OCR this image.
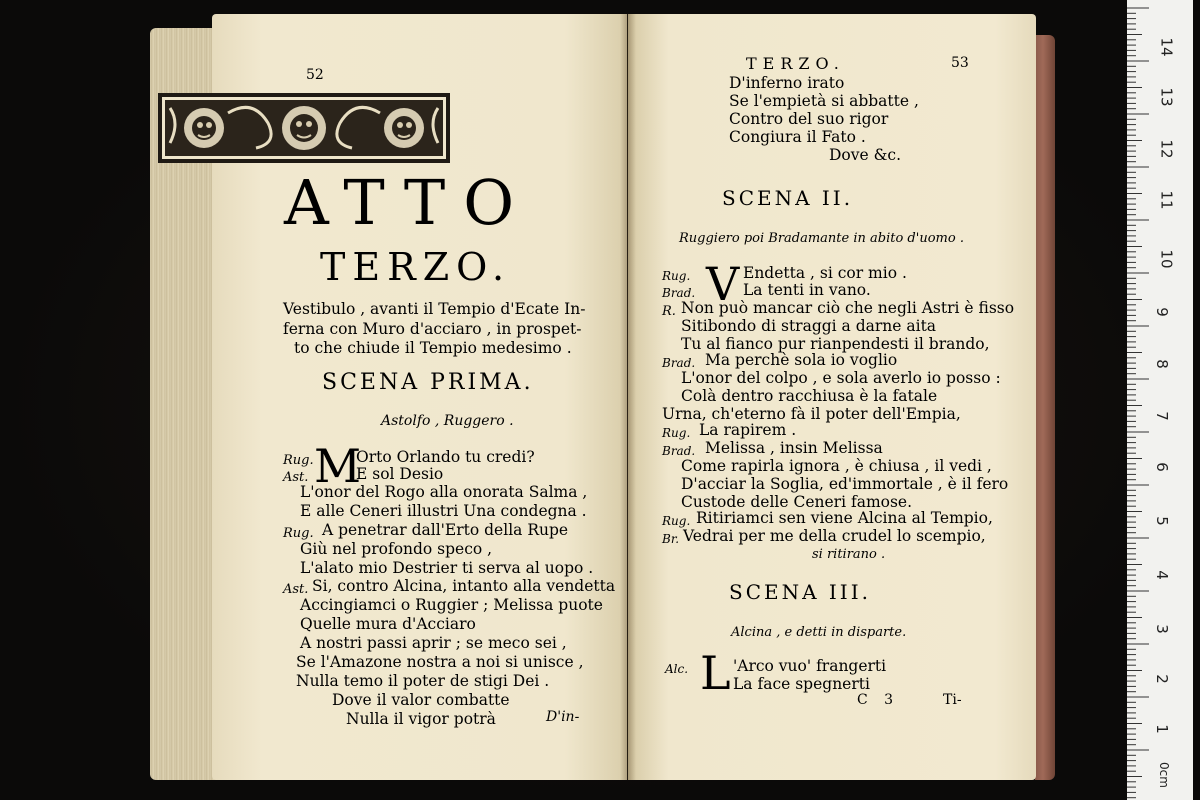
52
ATTO
TERZO.
Vestibulo , avanti il Tempio d'Ecate In-
ferna con Muro d'acciaro , in prospet-
to che chiude il Tempio medesimo .
SCENA PRIMA.
Astolfo , Ruggero .
M
Rug.	Orto Orlando tu credi?
Ast.	E sol Desio
L'onor del Rogo alla onorata Salma ,
E alle Ceneri illustri Una condegna .
Rug. A penetrar dall'Erto della Rupe
Giù nel profondo speco ,
L'alato mio Destrier ti serva al uopo .
Ast. Si, contro Alcina, intanto alla vendetta
Accingiamci o Ruggier ; Melissa puote
Quelle mura d'Acciaro
A nostri passi aprir ; se meco sei ,
Se l'Amazone nostra a noi si unisce ,
Nulla temo il poter de stigi Dei .
Dove il valor combatte
Nulla il vigor potrà	D'in-
TERZO.	53
D'inferno irato
Se l'empietà si abbatte ,
Contro del suo rigor
Congiura il Fato .
Dove &c.
SCENA II.
Ruggiero poi Bradamante in abito d'uomo .
V
Rug.	Endetta , si cor mio .
Brad.	La tenti in vano.
R. Non può mancar ciò che negli Astri è fisso
Sitibondo di straggi a darne aita
Tu al fianco pur rianpendesti il brando,
Brad. Ma perchè sola io voglio
L'onor del colpo , e sola averlo io posso :
Colà dentro racchiusa è la fatale
Urna, ch'eterno fà il poter dell'Empia,
Rug. La rapirem .
Brad. Melissa , insin Melissa
Come rapirla ignora , è chiusa , il vedi ,
D'acciar la Soglia, ed'immortale , è il fero
Custode delle Ceneri famose.
Rug. Ritiriamci sen viene Alcina al Tempio,
Br. Vedrai per me della crudel lo scempio,
si ritirano .
SCENA III.
Alcina , e detti in disparte.
L
Alc.	'Arco vuo' frangerti
La face spegnerti
C 3	Ti-
14
13
12
11
10
9
8
7
6
5
4
3
2
1
0cm
